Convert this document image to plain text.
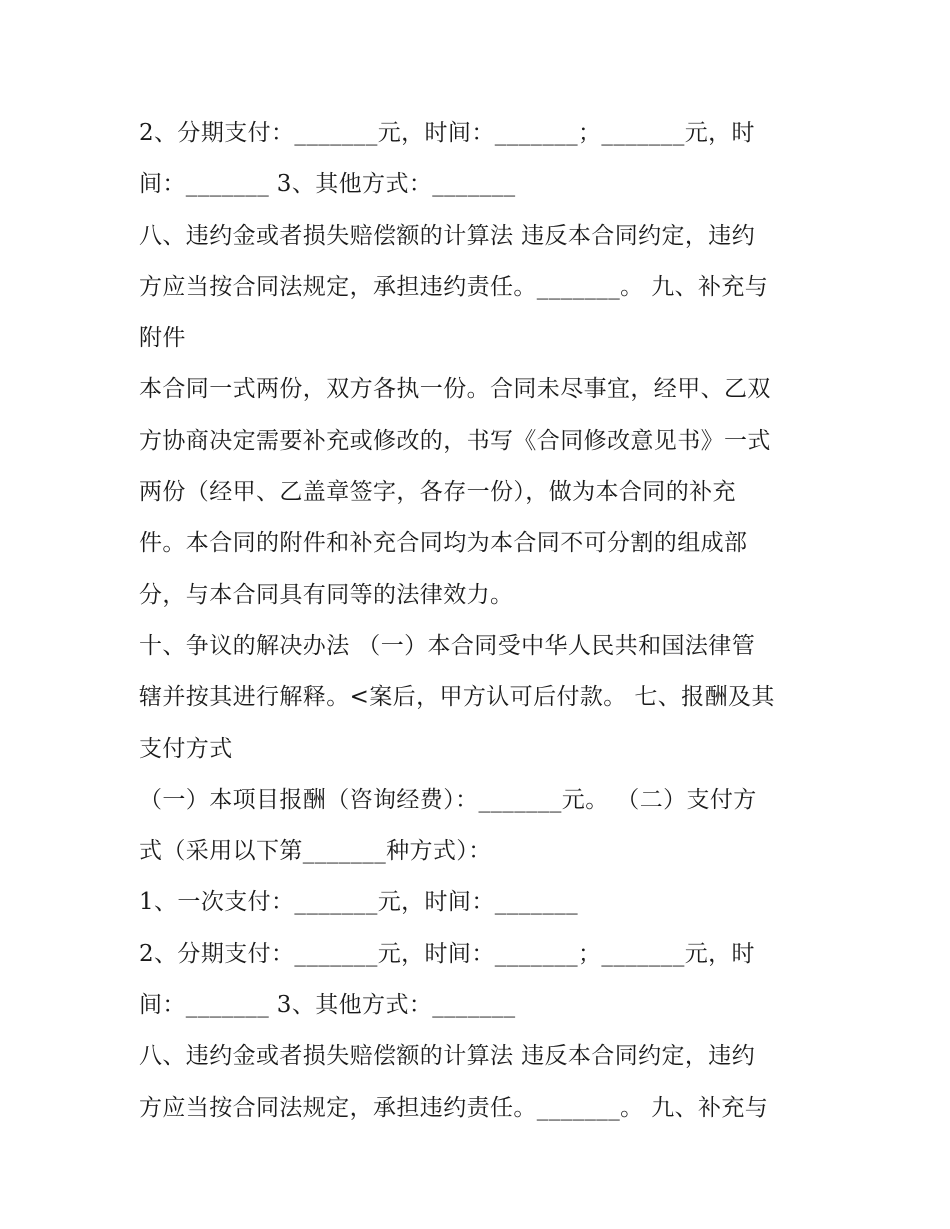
2、分期支付：_______元，时间：_______；_______元，时
间：_______ 3、其他方式：_______
八、违约金或者损失赔偿额的计算法 违反本合同约定，违约
方应当按合同法规定，承担违约责任。_______。 九、补充与
附件
本合同一式两份，双方各执一份。合同未尽事宜，经甲、乙双
方协商决定需要补充或修改的，书写《合同修改意见书》一式
两份（经甲、乙盖章签字，各存一份），做为本合同的补充
件。本合同的附件和补充合同均为本合同不可分割的组成部
分，与本合同具有同等的法律效力。
十、争议的解决办法 （一）本合同受中华人民共和国法律管
辖并按其进行解释。<案后，甲方认可后付款。 七、报酬及其
支付方式
（一）本项目报酬（咨询经费）：_______元。 （二）支付方
式（采用以下第_______种方式）：
1、一次支付：_______元，时间：_______
2、分期支付：_______元，时间：_______；_______元，时
间：_______ 3、其他方式：_______
八、违约金或者损失赔偿额的计算法 违反本合同约定，违约
方应当按合同法规定，承担违约责任。_______。 九、补充与
